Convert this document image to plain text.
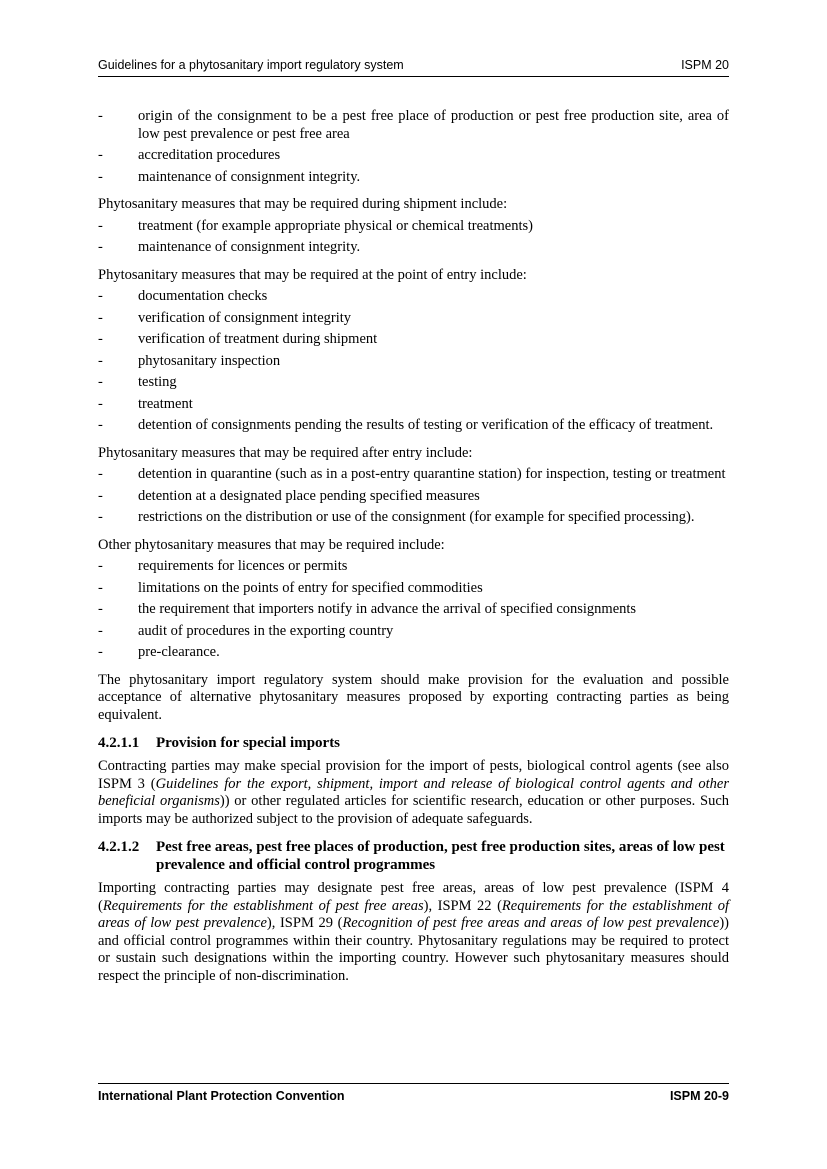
Guidelines for a phytosanitary import regulatory system	ISPM 20
- origin of the consignment to be a pest free place of production or pest free production site, area of low pest prevalence or pest free area
- accreditation procedures
- maintenance of consignment integrity.

Phytosanitary measures that may be required during shipment include:

- treatment (for example appropriate physical or chemical treatments)
- maintenance of consignment integrity.

Phytosanitary measures that may be required at the point of entry include:

- documentation checks
- verification of consignment integrity
- verification of treatment during shipment
- phytosanitary inspection
- testing
- treatment
- detention of consignments pending the results of testing or verification of the efficacy of treatment.

Phytosanitary measures that may be required after entry include:

- detention in quarantine (such as in a post-entry quarantine station) for inspection, testing or treatment
- detention at a designated place pending specified measures
- restrictions on the distribution or use of the consignment (for example for specified processing).

Other phytosanitary measures that may be required include:

- requirements for licences or permits
- limitations on the points of entry for specified commodities
- the requirement that importers notify in advance the arrival of specified consignments
- audit of procedures in the exporting country
- pre-clearance.

The phytosanitary import regulatory system should make provision for the evaluation and possible acceptance of alternative phytosanitary measures proposed by exporting contracting parties as being equivalent.

4.2.1.1 Provision for special imports

Contracting parties may make special provision for the import of pests, biological control agents (see also ISPM 3 (Guidelines for the export, shipment, import and release of biological control agents and other beneficial organisms)) or other regulated articles for scientific research, education or other purposes. Such imports may be authorized subject to the provision of adequate safeguards.

4.2.1.2 Pest free areas, pest free places of production, pest free production sites, areas of low pest prevalence and official control programmes

Importing contracting parties may designate pest free areas, areas of low pest prevalence (ISPM 4 (Requirements for the establishment of pest free areas), ISPM 22 (Requirements for the establishment of areas of low pest prevalence), ISPM 29 (Recognition of pest free areas and areas of low pest prevalence)) and official control programmes within their country. Phytosanitary regulations may be required to protect or sustain such designations within the importing country. However such phytosanitary measures should respect the principle of non-discrimination.

International Plant Protection Convention	ISPM 20-9
